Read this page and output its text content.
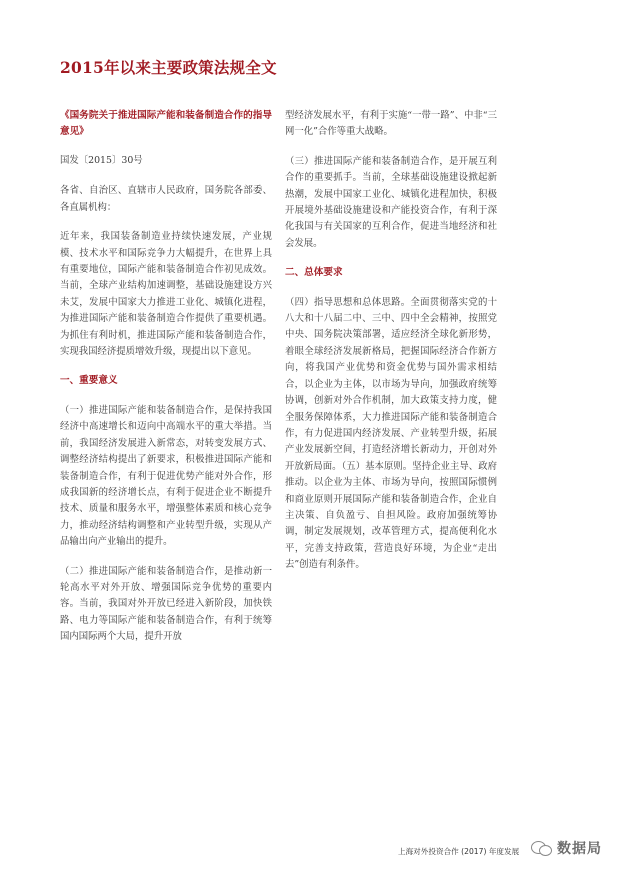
2015年以来主要政策法规全文
《国务院关于推进国际产能和装备制造合作的指导意见》
国发〔2015〕30号
各省、自治区、直辖市人民政府，国务院各部委、各直属机构：
近年来，我国装备制造业持续快速发展，产业规模、技术水平和国际竞争力大幅提升，在世界上具有重要地位，国际产能和装备制造合作初见成效。当前，全球产业结构加速调整，基础设施建设方兴未艾，发展中国家大力推进工业化、城镇化进程，为推进国际产能和装备制造合作提供了重要机遇。为抓住有利时机，推进国际产能和装备制造合作，实现我国经济提质增效升级，现提出以下意见。
一、重要意义
（一）推进国际产能和装备制造合作，是保持我国经济中高速增长和迈向中高端水平的重大举措。当前，我国经济发展进入新常态，对转变发展方式、调整经济结构提出了新要求，积极推进国际产能和装备制造合作，有利于促进优势产能对外合作，形成我国新的经济增长点，有利于促进企业不断提升技术、质量和服务水平，增强整体素质和核心竞争力，推动经济结构调整和产业转型升级，实现从产品输出向产业输出的提升。
（二）推进国际产能和装备制造合作，是推动新一轮高水平对外开放、增强国际竞争优势的重要内容。当前，我国对外开放已经进入新阶段，加快铁路、电力等国际产能和装备制造合作，有利于统筹国内国际两个大局，提升开放
型经济发展水平，有利于实施“一带一路”、中非“三网一化”合作等重大战略。
（三）推进国际产能和装备制造合作，是开展互利合作的重要抓手。当前，全球基础设施建设掀起新热潮，发展中国家工业化、城镇化进程加快，积极开展境外基础设施建设和产能投资合作，有利于深化我国与有关国家的互利合作，促进当地经济和社会发展。
二、总体要求
（四）指导思想和总体思路。全面贯彻落实党的十八大和十八届二中、三中、四中全会精神，按照党中央、国务院决策部署，适应经济全球化新形势，着眼全球经济发展新格局，把握国际经济合作新方向，将我国产业优势和资金优势与国外需求相结合，以企业为主体，以市场为导向，加强政府统筹协调，创新对外合作机制，加大政策支持力度，健全服务保障体系，大力推进国际产能和装备制造合作，有力促进国内经济发展、产业转型升级，拓展产业发展新空间，打造经济增长新动力，开创对外开放新局面。（五）基本原则。坚持企业主导、政府推动。以企业为主体、市场为导向，按照国际惯例和商业原则开展国际产能和装备制造合作，企业自主决策、自负盈亏、自担风险。政府加强统筹协调，制定发展规划，改革管理方式，提高便利化水平，完善支持政策，营造良好环境，为企业“走出去”创造有利条件。
上海对外投资合作 (2017) 年度发展	数据局
